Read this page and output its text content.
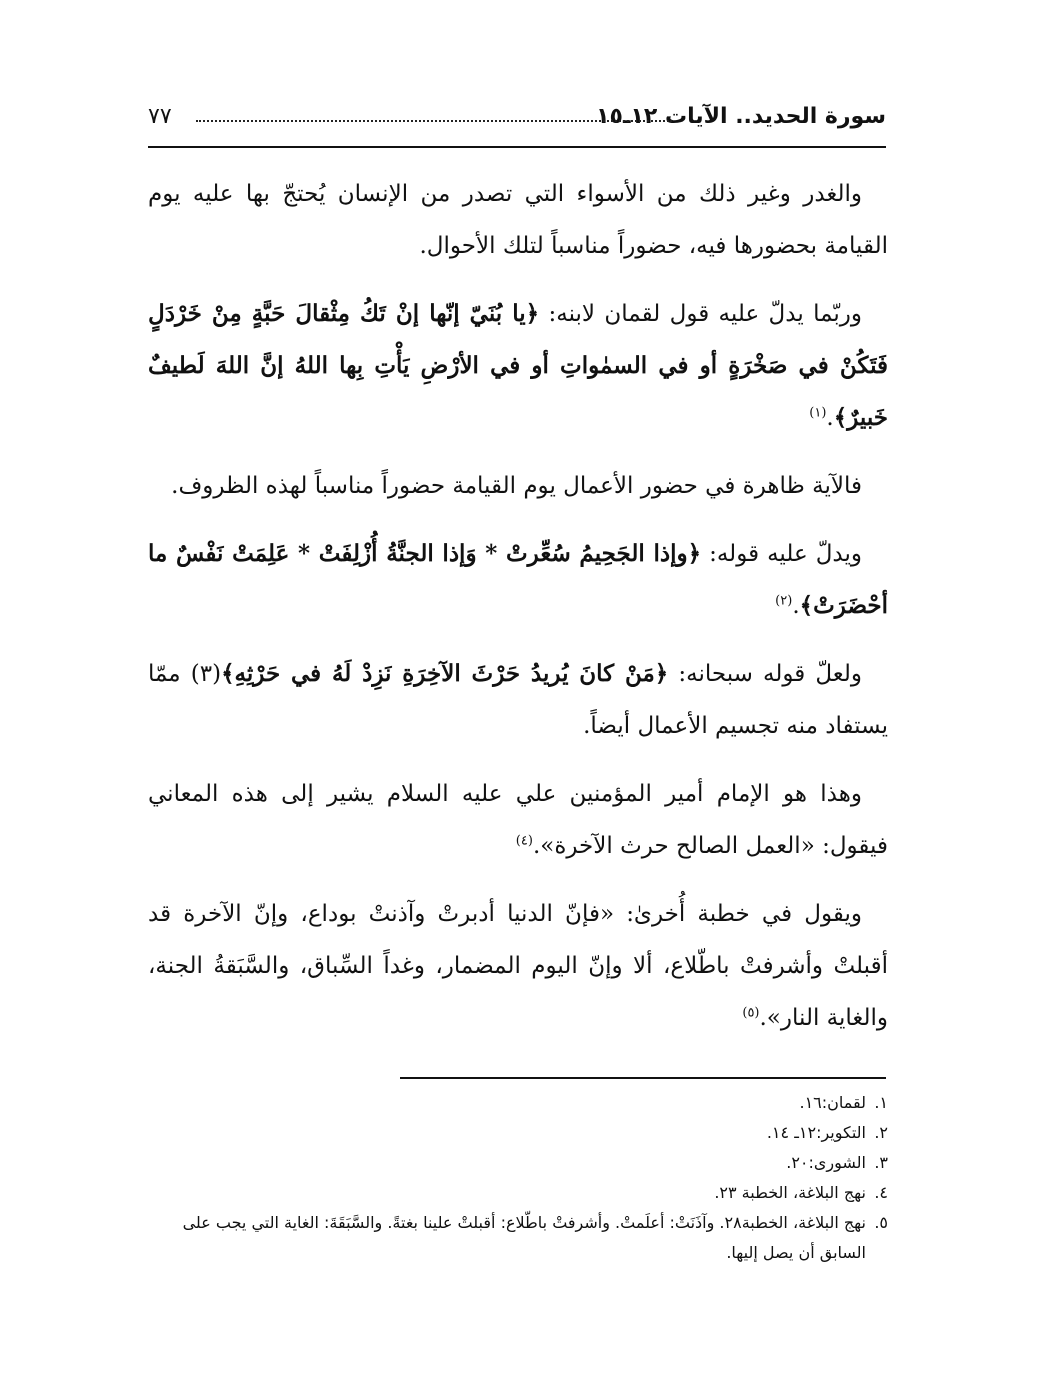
سورة الحديد.. الآيات ١٢ـ١٥
٧٧

والغدر وغير ذلك من الأسواء التي تصدر من الإنسان يُحتجّ بها عليه يوم القيامة بحضورها فيه، حضوراً مناسباً لتلك الأحوال.

وربّما يدلّ عليه قول لقمان لابنه: ﴿يا بُنَيّ إنّها إنْ تَكُ مِثْقالَ حَبَّةٍ مِنْ خَرْدَلٍ فَتَكُنْ في صَخْرَةٍ أو في السمٰواتِ أو في الأرْضِ يَأْتِ بِها اللهُ إنَّ اللهَ لَطيفٌ خَبيرٌ﴾.$^{(١)}$

فالآية ظاهرة في حضور الأعمال يوم القيامة حضوراً مناسباً لهذه الظروف.

ويدلّ عليه قوله: ﴿وإذا الجَحِيمُ سُعِّرتْ * وَإذا الجنَّةُ أُزْلِفَتْ * عَلِمَتْ نَفْسٌ ما أحْضَرَتْ﴾.$^{(٢)}$

ولعلّ قوله سبحانه: ﴿مَنْ كانَ يُريدُ حَرْثَ الآخِرَةِ نَزِدْ لَهُ في حَرْثِهِ﴾(٣) ممّا يستفاد منه تجسيم الأعمال أيضاً.

وهذا هو الإمام أمير المؤمنين علي عليه السلام يشير إلى هذه المعاني فيقول: «العمل الصالح حرث الآخرة».$^{(٤)}$

ويقول في خطبة أُخرىٰ: «فإنّ الدنيا أدبرتْ وآذنتْ بوداع، وإنّ الآخرة قد أقبلتْ وأشرفتْ باطّلاع، ألا وإنّ اليوم المضمار، وغداً السِّباق، والسَّبَقةُ الجنة، والغاية النار».$^{(٥)}$

١.
لقمان:١٦.

٢.
التكوير:١٢ـ ١٤.

٣.
الشورى:٢٠.

٤.
نهج البلاغة، الخطبة ٢٣.

٥.
نهج البلاغة، الخطبة٢٨. وآذَنَتْ: أعلَمتْ. وأشرفتْ باطّلاع: أقبلتْ علينا بغتةً. والسَّبَقَةَ: الغاية التي يجب على السابق أن يصل إليها.
